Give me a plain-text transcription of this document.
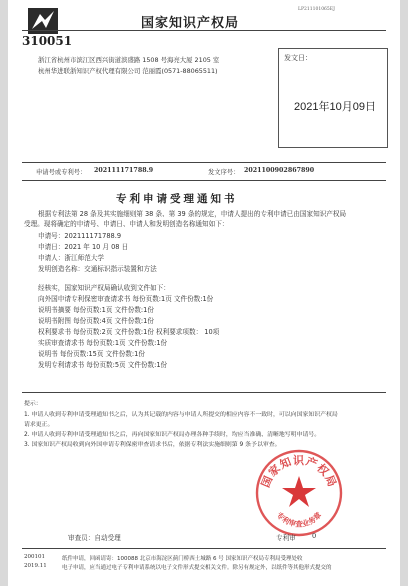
国家知识产权局
LP211101065EJ
310051
浙江省杭州市滨江区西兴街道滨盛路 1508 号海亮大厦 2105 室
杭州华进联浙知识产权代理有限公司 范丽霞(0571-88065511)
发文日：
2021年10月09日
申请号或专利号： 202111171788.9	发文序号： 2021100902867890
专利申请受理通知书
根据专利法第 28 条及其实施细则第 38 条、第 39 条的规定，申请人提出的专利申请已由国家知识产权局
受理。现将确定的申请号、申请日、申请人和发明创造名称通知如下：
申请号：202111171788.9
申请日：2021 年 10 月 08 日
申请人：浙江师范大学
发明创造名称：交通标识指示装置和方法
经核实，国家知识产权局确认收到文件如下：
向外国申请专利保密审查请求书 每份页数:1页 文件份数:1份
说明书摘要 每份页数:1页 文件份数:1份
说明书附图 每份页数:4页 文件份数:1份
权利要求书 每份页数:2页 文件份数:1份 权利要求项数： 10项
实质审查请求书 每份页数:1页 文件份数:1份
说明书 每份页数:15页 文件份数:1份
发明专利请求书 每份页数:5页 文件份数:1份
提示：
1. 申请人收到专利申请受理通知书之后，认为其记载的内容与申请人所提交的相应内容不一致时，可以向国家知识产权局
请求更正。
2. 申请人收到专利申请受理通知书之后，再向国家知识产权局办理各种手续时，均应当准确、清晰地写明申请号。
3. 国家知识产权局收到向外国申请专利保密审查请求书后，依据专利法实施细则第 9 条予以审查。
国家知识产权局
专利审查业务章
审查员：自动受理	专利审 0
200101
2019.11
纸件申请，回函请寄：100088 北京市海淀区蓟门桥西土城路 6 号 国家知识产权局专利局受理处收
电子申请，应当通过电子专利申请系统以电子文件形式提交相关文件。除另有规定外，以纸件等其他形式提交的
